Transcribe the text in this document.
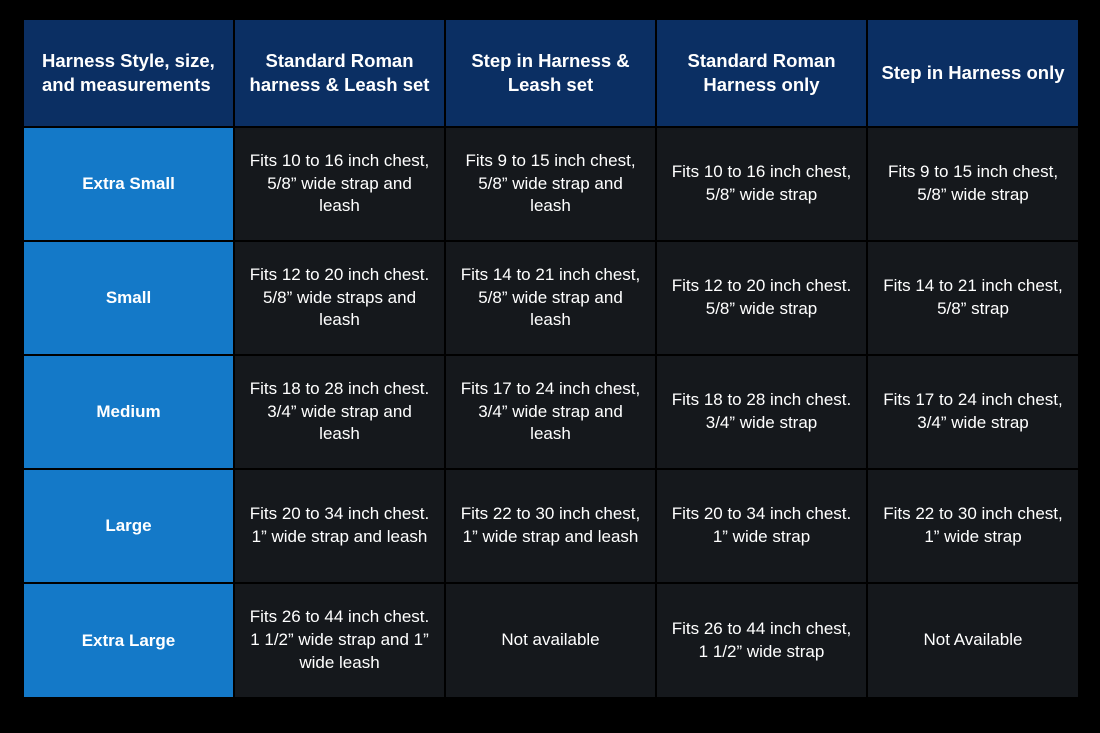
Harness Style, size, and measurements	Standard Roman harness & Leash set	Step in Harness & Leash set	Standard Roman Harness only	Step in Harness only
Extra Small	Fits 10 to 16 inch chest, 5/8” wide strap and leash	Fits 9 to 15 inch chest, 5/8” wide strap and leash	Fits 10 to 16 inch chest, 5/8” wide strap	Fits 9 to 15 inch chest, 5/8” wide strap
Small	Fits 12 to 20 inch chest. 5/8” wide straps and leash	Fits 14 to 21 inch chest, 5/8” wide strap and leash	Fits 12 to 20 inch chest. 5/8” wide strap	Fits 14 to 21 inch chest, 5/8” strap
Medium	Fits 18 to 28 inch chest. 3/4” wide strap and leash	Fits 17 to 24 inch chest, 3/4” wide strap and leash	Fits 18 to 28 inch chest. 3/4” wide strap	Fits 17 to 24 inch chest, 3/4” wide strap
Large	Fits 20 to 34 inch chest. 1” wide strap and leash	Fits 22 to 30 inch chest, 1” wide strap and leash	Fits 20 to 34 inch chest. 1” wide strap	Fits 22 to 30 inch chest, 1” wide strap
Extra Large	Fits 26 to 44 inch chest. 1 1/2” wide strap and 1” wide leash	Not available	Fits 26 to 44 inch chest, 1 1/2” wide strap	Not Available
